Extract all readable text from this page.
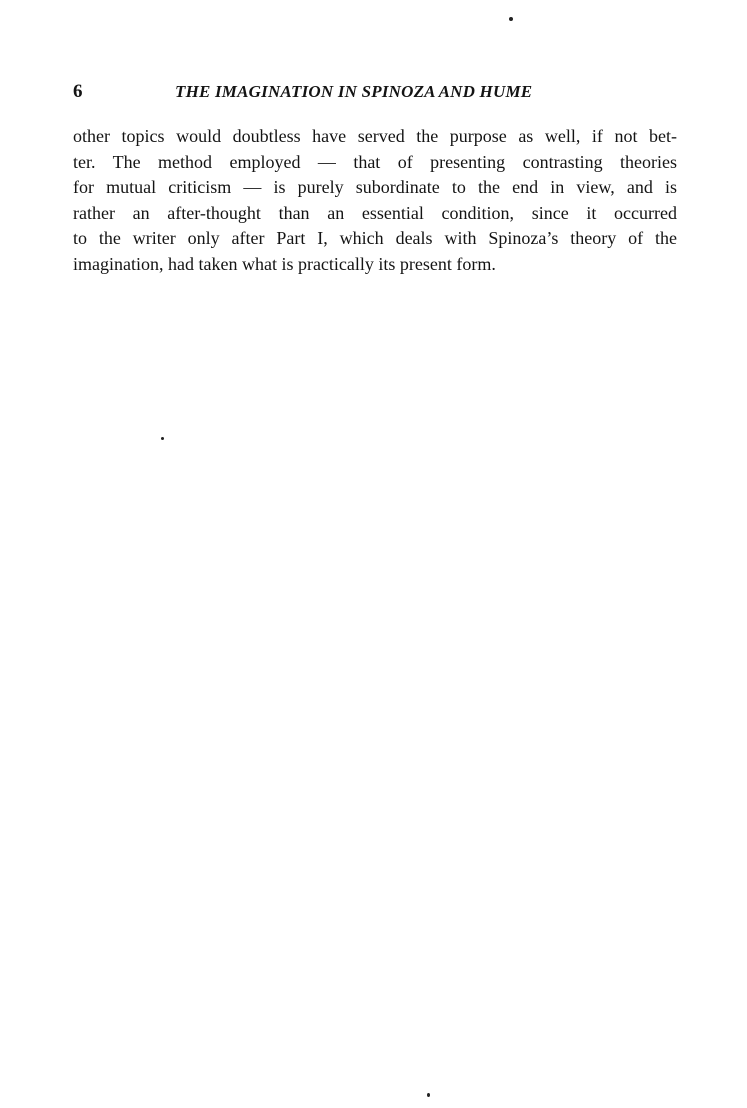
6	THE IMAGINATION IN SPINOZA AND HUME
other topics would doubtless have served the purpose as well, if not bet-
ter. The method employed — that of presenting contrasting theories
for mutual criticism — is purely subordinate to the end in view, and is
rather an after-thought than an essential condition, since it occurred
to the writer only after Part I, which deals with Spinoza’s theory of the
imagination, had taken what is practically its present form.
